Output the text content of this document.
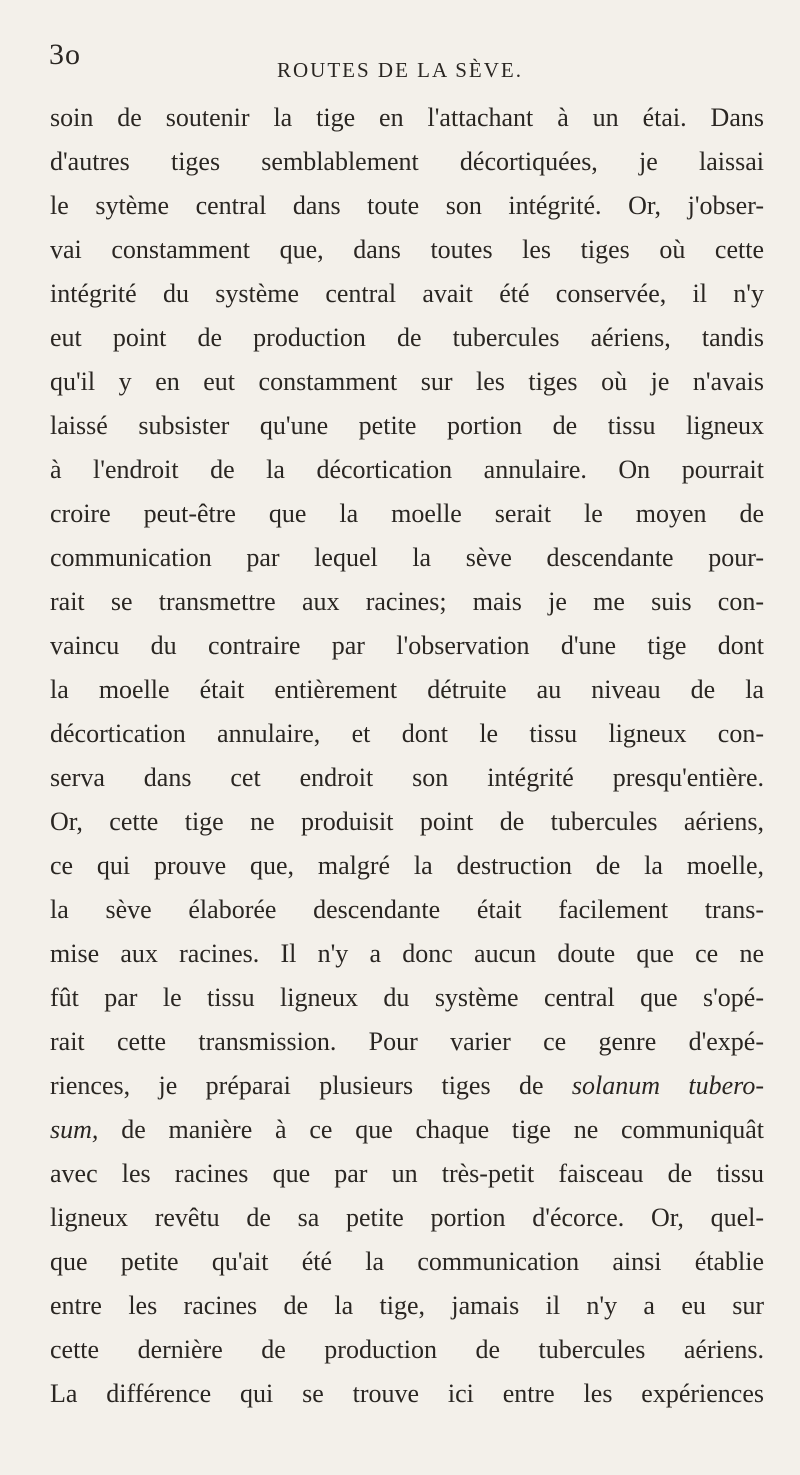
3o	ROUTES DE LA SÈVE.
soin de soutenir la tige en l'attachant à un étai. Dans
d'autres tiges semblablement décortiquées, je laissai
le sytème central dans toute son intégrité. Or, j'obser-
vai constamment que, dans toutes les tiges où cette
intégrité du système central avait été conservée, il n'y
eut point de production de tubercules aériens, tandis
qu'il y en eut constamment sur les tiges où je n'avais
laissé subsister qu'une petite portion de tissu ligneux
à l'endroit de la décortication annulaire. On pourrait
croire peut-être que la moelle serait le moyen de
communication par lequel la sève descendante pour-
rait se transmettre aux racines; mais je me suis con-
vaincu du contraire par l'observation d'une tige dont
la moelle était entièrement détruite au niveau de la
décortication annulaire, et dont le tissu ligneux con-
serva dans cet endroit son intégrité presqu'entière.
Or, cette tige ne produisit point de tubercules aériens,
ce qui prouve que, malgré la destruction de la moelle,
la sève élaborée descendante était facilement trans-
mise aux racines. Il n'y a donc aucun doute que ce ne
fût par le tissu ligneux du système central que s'opé-
rait cette transmission. Pour varier ce genre d'expé-
riences, je préparai plusieurs tiges de solanum tubero-
sum, de manière à ce que chaque tige ne communiquât
avec les racines que par un très-petit faisceau de tissu
ligneux revêtu de sa petite portion d'écorce. Or, quel-
que petite qu'ait été la communication ainsi établie
entre les racines de la tige, jamais il n'y a eu sur
cette dernière de production de tubercules aériens.
La différence qui se trouve ici entre les expériences
